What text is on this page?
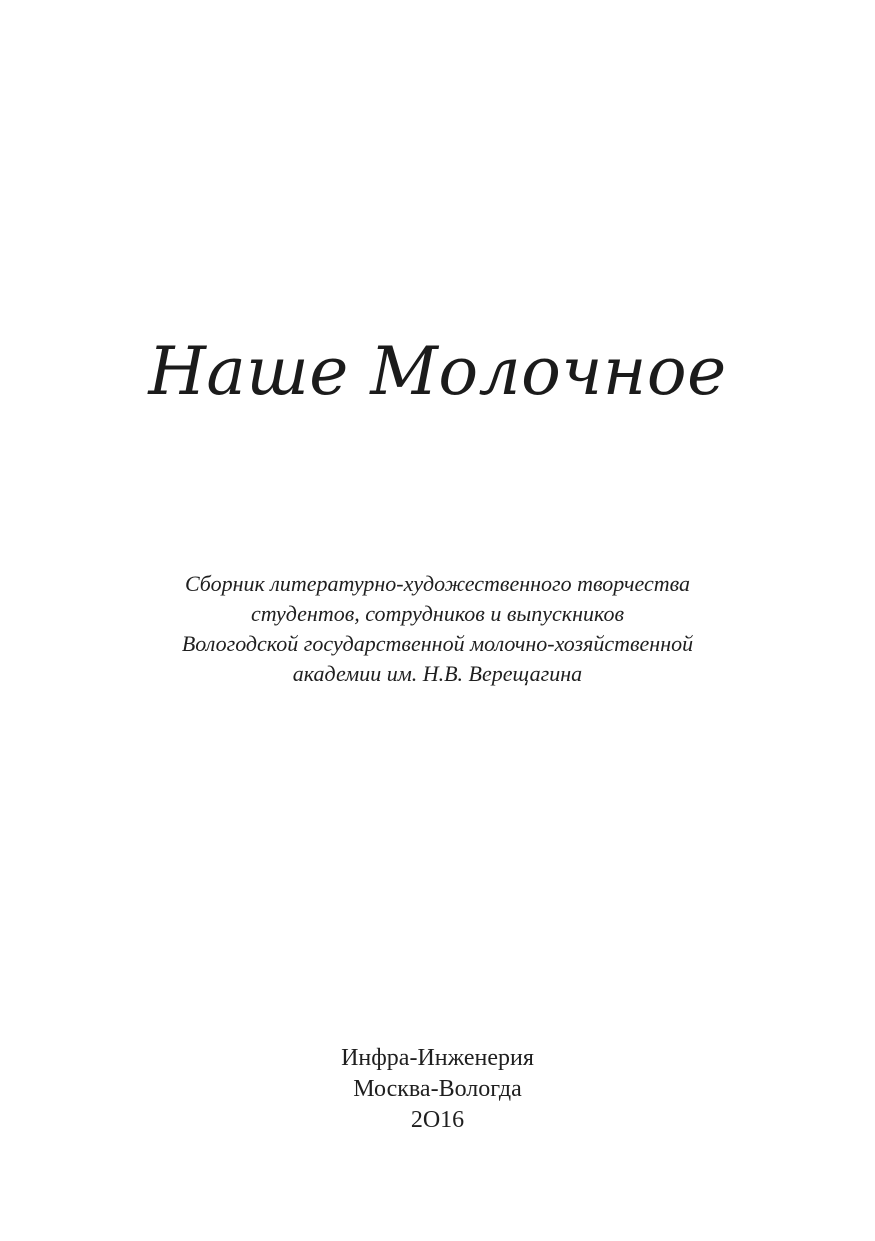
Наше Молочное
Сборник литературно-художественного творчества
студентов, сотрудников и выпускников
Вологодской государственной молочно-хозяйственной
академии им. Н.В. Верещагина
Инфра-Инженерия
Москва-Вологда
2О16
